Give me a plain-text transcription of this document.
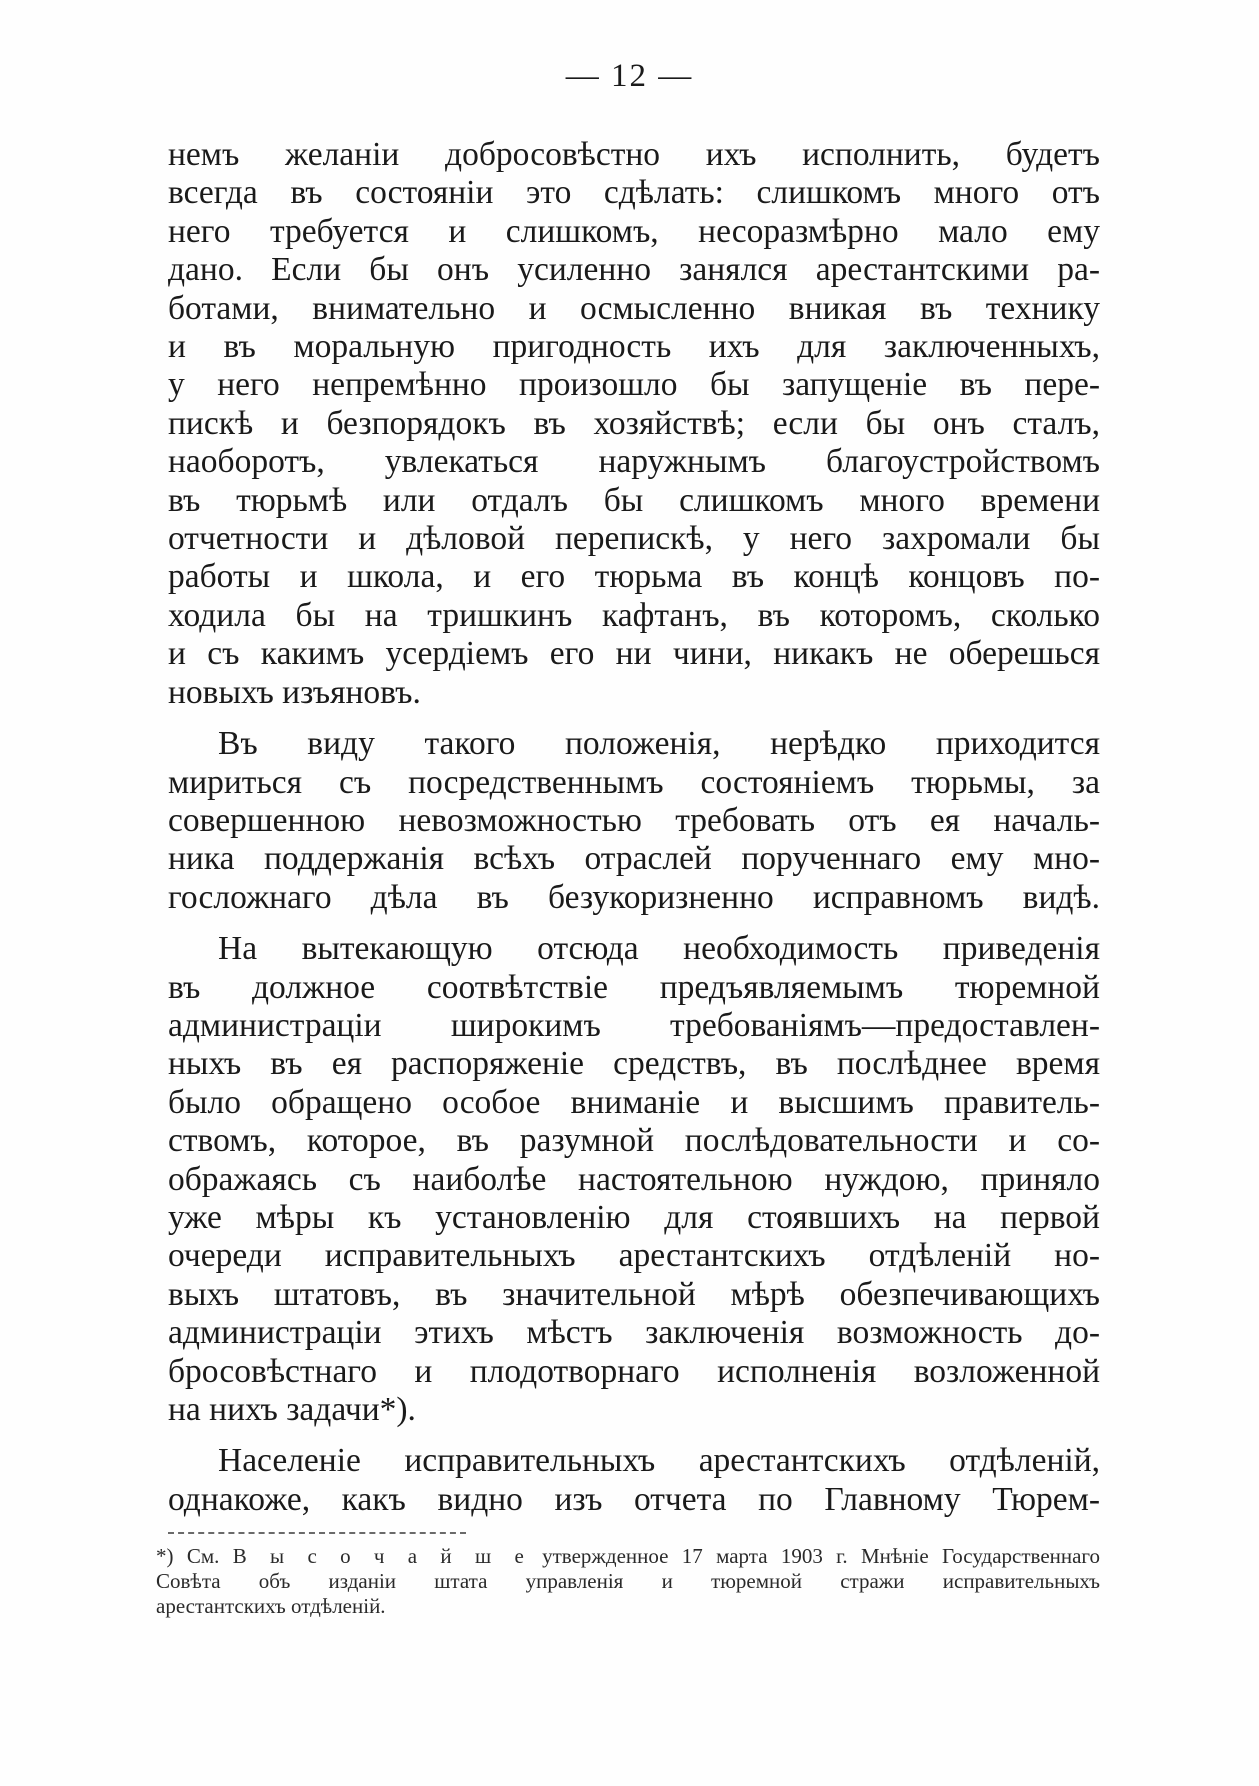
— 12 —
немъ желанiи добросовѣстно ихъ исполнить, будетъ
всегда въ состоянiи это сдѣлать: слишкомъ много отъ
него требуется и слишкомъ, несоразмѣрно мало ему
дано. Если бы онъ усиленно занялся арестантскими ра-
ботами, внимательно и осмысленно вникая въ технику
и въ моральную пригодность ихъ для заключенныхъ,
у него непремѣнно произошло бы запущенiе въ пере-
пискѣ и безпорядокъ въ хозяйствѣ; если бы онъ сталъ,
наоборотъ, увлекаться наружнымъ благоустройствомъ
въ тюрьмѣ или отдалъ бы слишкомъ много времени
отчетности и дѣловой перепискѣ, у него захромали бы
работы и школа, и его тюрьма въ концѣ концовъ по-
ходила бы на тришкинъ кафтанъ, въ которомъ, сколько
и съ какимъ усердiемъ его ни чини, никакъ не оберешься
новыхъ изъяновъ.
Въ виду такого положенiя, нерѣдко приходится
мириться съ посредственнымъ состоянiемъ тюрьмы, за
совершенною невозможностью требовать отъ ея началь-
ника поддержанiя всѣхъ отраслей порученнаго ему мно-
госложнаго дѣла въ безукоризненно исправномъ видѣ.
На вытекающую отсюда необходимость приведенiя
въ должное соотвѣтствiе предъявляемымъ тюремной
администрацiи широкимъ требованiямъ—предоставлен-
ныхъ въ ея распоряженiе средствъ, въ послѣднее время
было обращено особое вниманiе и высшимъ правитель-
ствомъ, которое, въ разумной послѣдовательности и со-
ображаясь съ наиболѣе настоятельною нуждою, приняло
уже мѣры къ установленiю для стоявшихъ на первой
очереди исправительныхъ арестантскихъ отдѣленiй но-
выхъ штатовъ, въ значительной мѣрѣ обезпечивающихъ
администрацiи этихъ мѣстъ заключенiя возможность до-
бросовѣстнаго и плодотворнаго исполненiя возложенной
на нихъ задачи*).
Населенiе исправительныхъ арестантскихъ отдѣленiй,
однакоже, какъ видно изъ отчета по Главному Тюрем-
*) См. В ы с о ч а й ш е утвержденное 17 марта 1903 г. Мнѣнiе Государственнаго
Совѣта объ изданiи штата управленiя и тюремной стражи исправительныхъ
арестантскихъ отдѣленiй.
